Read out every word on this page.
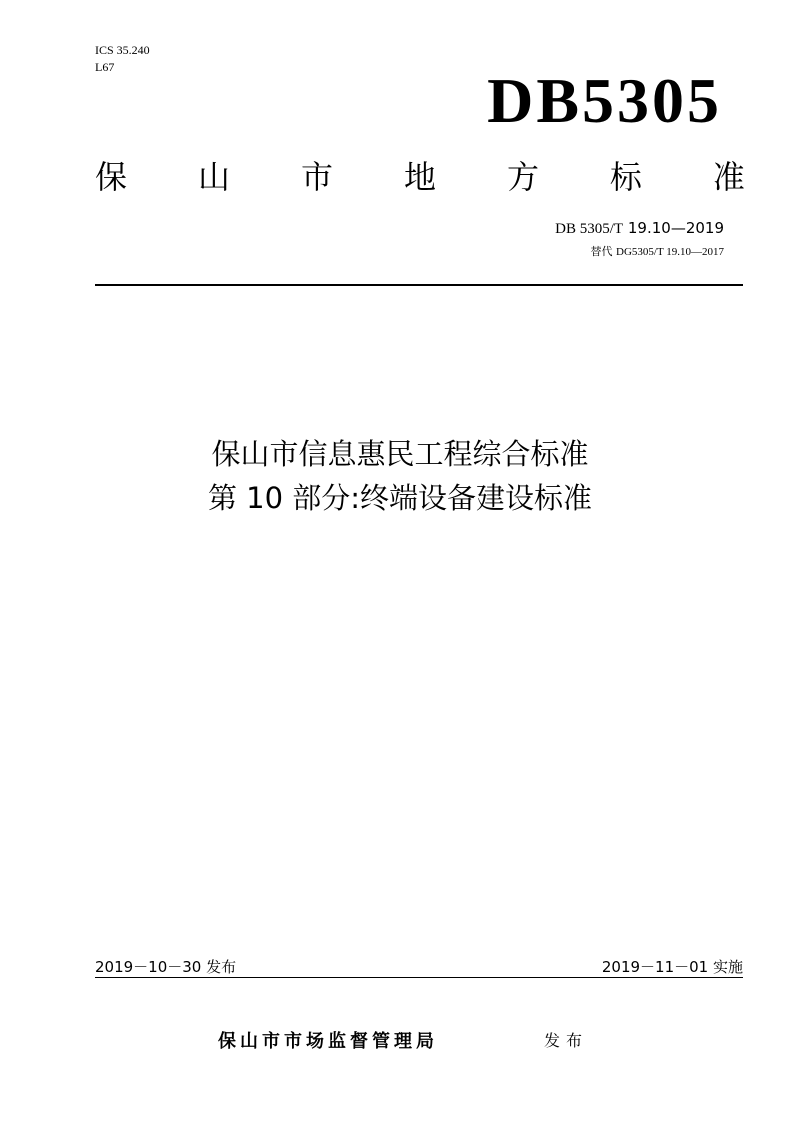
ICS 35.240
L67	DB5305
保 山 市 地 方 标 准
DB 5305/T 19.10—2019
替代 DG5305/T 19.10—2017
保山市信息惠民工程综合标准
第 10 部分:终端设备建设标准
2019－10－30 发布	2019－11－01 实施
保山市市场监督管理局	发布
